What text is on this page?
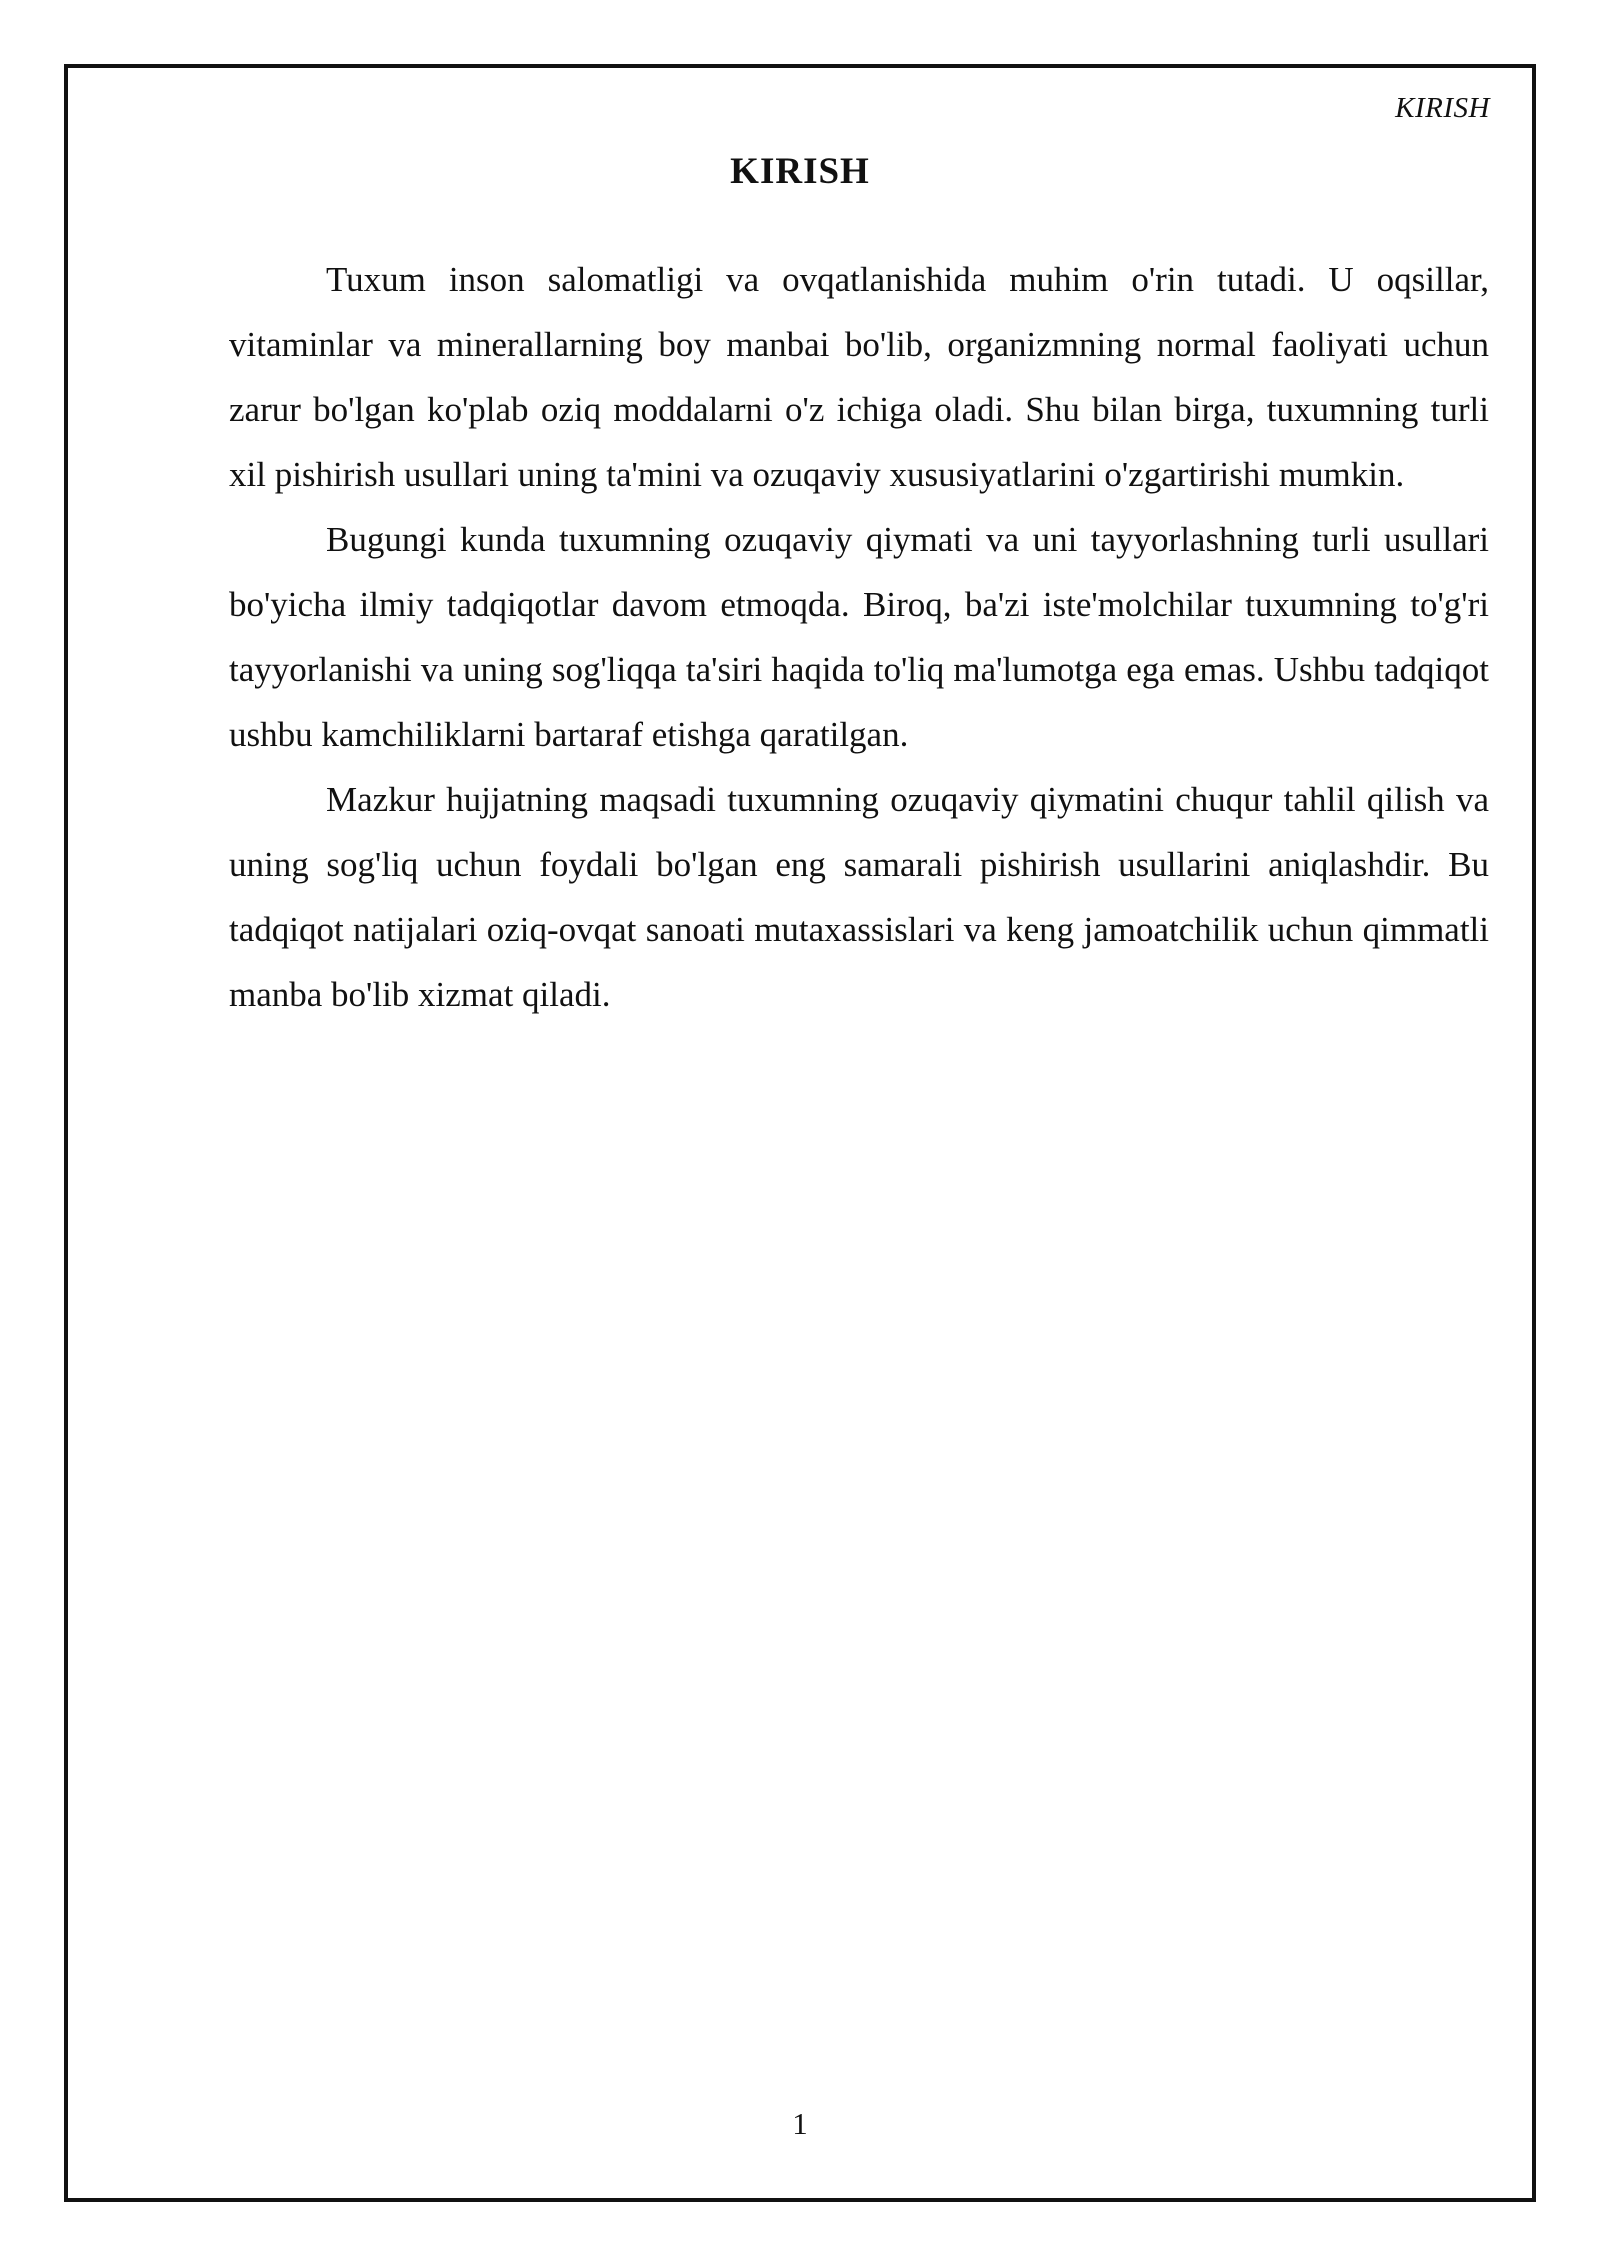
KIRISH
KIRISH

Tuxum inson salomatligi va ovqatlanishida muhim o'rin tutadi. U oqsillar, vitaminlar va minerallarning boy manbai bo'lib, organizmning normal faoliyati uchun zarur bo'lgan ko'plab oziq moddalarni o'z ichiga oladi. Shu bilan birga, tuxumning turli xil pishirish usullari uning ta'mini va ozuqaviy xususiyatlarini o'zgartirishi mumkin.

Bugungi kunda tuxumning ozuqaviy qiymati va uni tayyorlashning turli usullari bo'yicha ilmiy tadqiqotlar davom etmoqda. Biroq, ba'zi iste'molchilar tuxumning to'g'ri tayyorlanishi va uning sog'liqqa ta'siri haqida to'liq ma'lumotga ega emas. Ushbu tadqiqot ushbu kamchiliklarni bartaraf etishga qaratilgan.

Mazkur hujjatning maqsadi tuxumning ozuqaviy qiymatini chuqur tahlil qilish va uning sog'liq uchun foydali bo'lgan eng samarali pishirish usullarini aniqlashdir. Bu tadqiqot natijalari oziq-ovqat sanoati mutaxassislari va keng jamoatchilik uchun qimmatli manba bo'lib xizmat qiladi.

1
